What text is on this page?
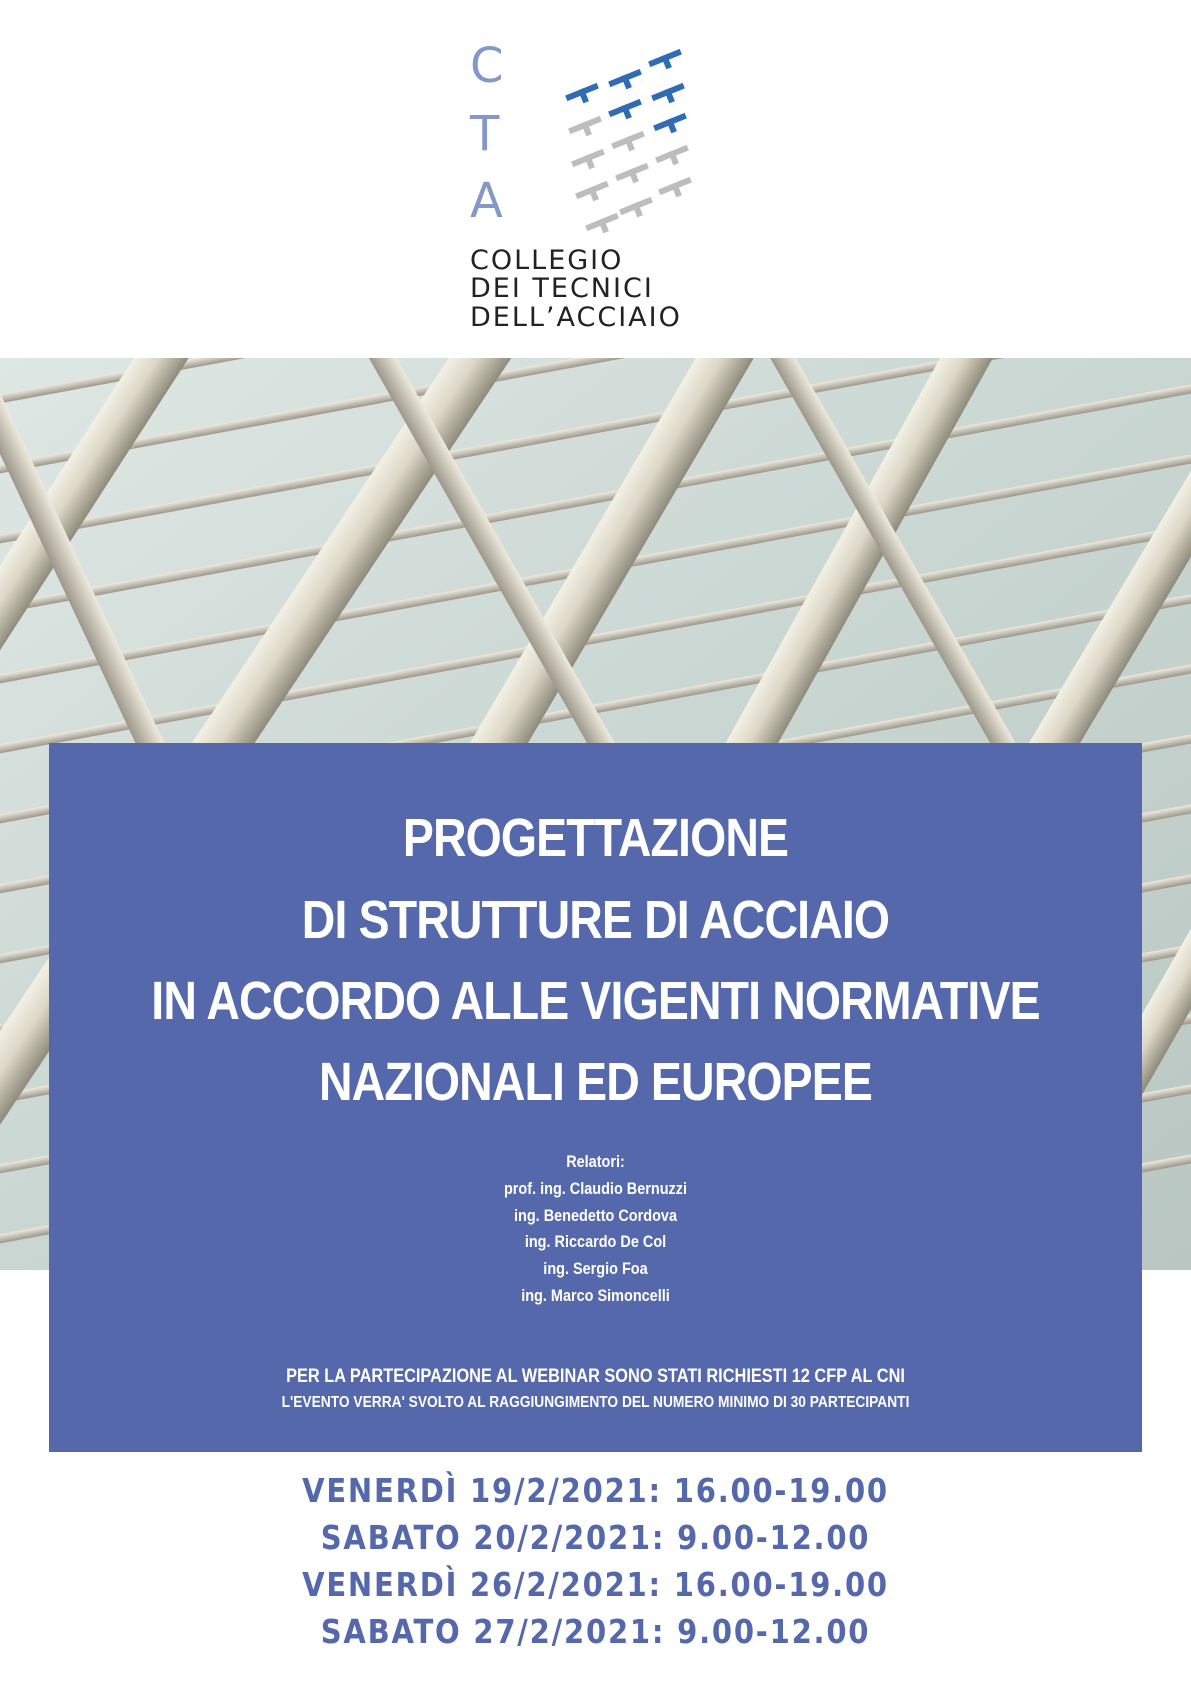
C
T
A
COLLEGIO
DEI TECNICI
DELL’ACCIAIO
PROGETTAZIONE
DI STRUTTURE DI ACCIAIO
IN ACCORDO ALLE VIGENTI NORMATIVE
NAZIONALI ED EUROPEE
Relatori:
prof. ing. Claudio Bernuzzi
ing. Benedetto Cordova
ing. Riccardo De Col
ing. Sergio Foa
ing. Marco Simoncelli
PER LA PARTECIPAZIONE AL WEBINAR SONO STATI RICHIESTI 12 CFP AL CNI
L'EVENTO VERRA' SVOLTO AL RAGGIUNGIMENTO DEL NUMERO MINIMO DI 30 PARTECIPANTI
VENERDÌ 19/2/2021: 16.00-19.00
SABATO 20/2/2021: 9.00-12.00
VENERDÌ 26/2/2021: 16.00-19.00
SABATO 27/2/2021: 9.00-12.00
